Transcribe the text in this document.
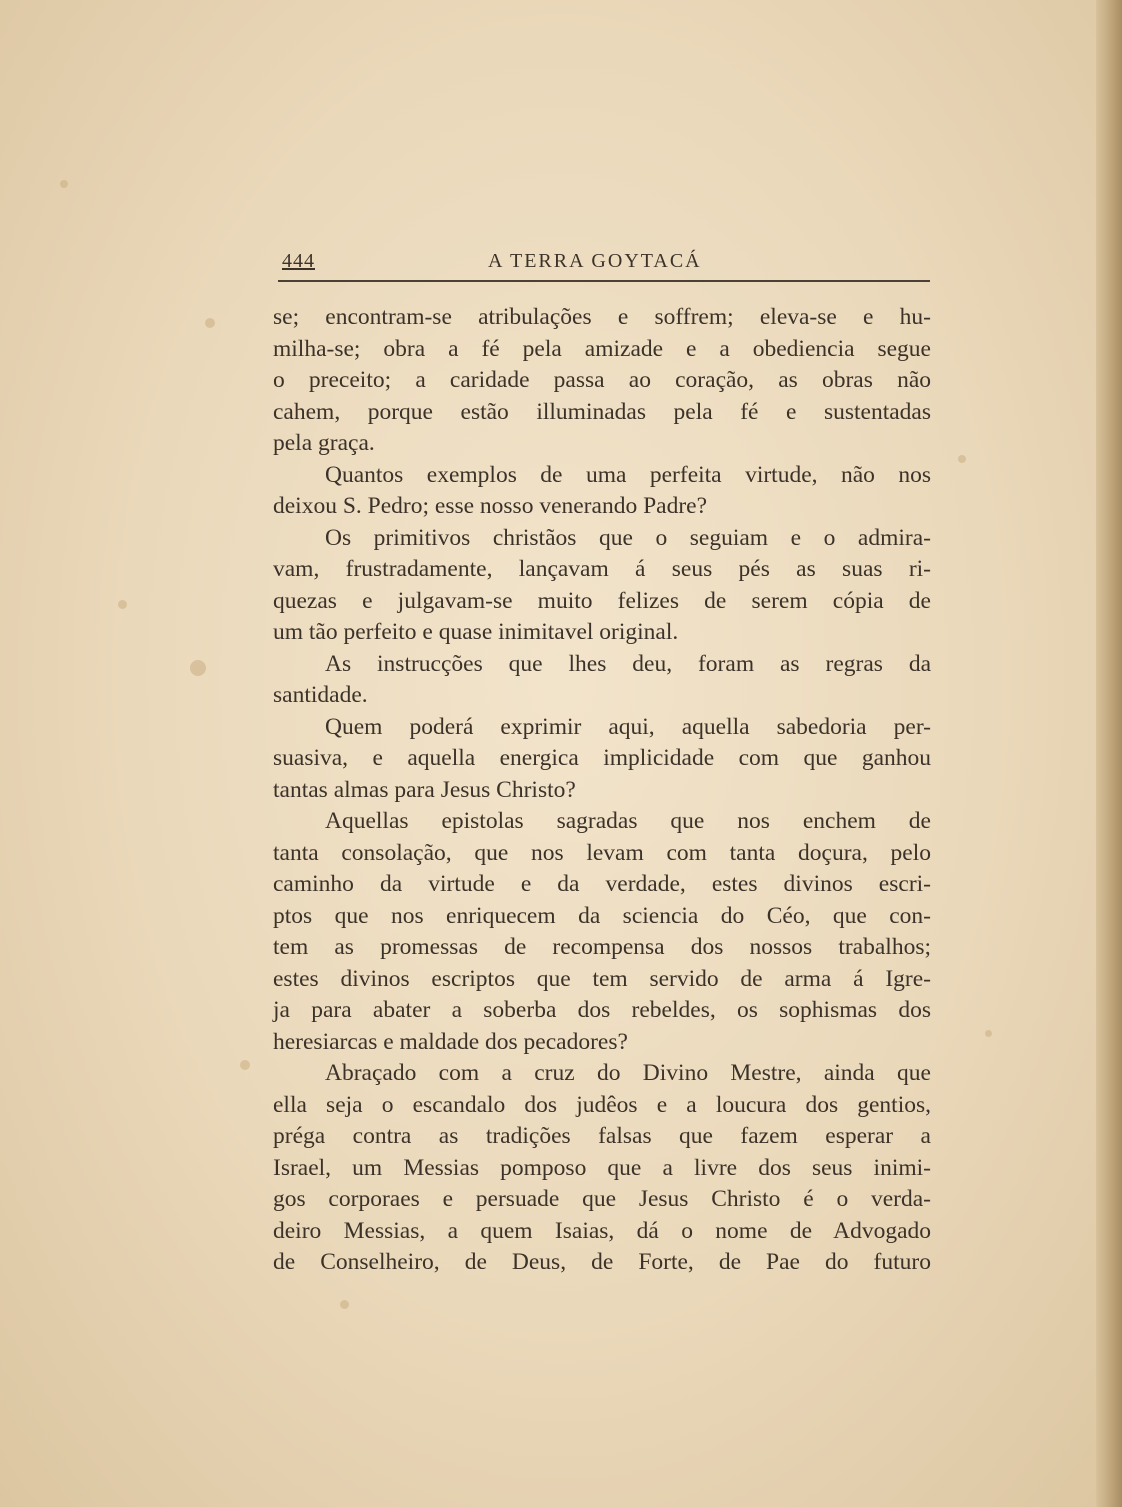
444	A TERRA GOYTACÁ
se; encontram-se atribulações e soffrem; eleva-se e hu-
milha-se; obra a fé pela amizade e a obediencia segue
o preceito; a caridade passa ao coração, as obras não
cahem, porque estão illuminadas pela fé e sustentadas
pela graça.
Quantos exemplos de uma perfeita virtude, não nos
deixou S. Pedro; esse nosso venerando Padre?
Os primitivos christãos que o seguiam e o admira-
vam, frustradamente, lançavam á seus pés as suas ri-
quezas e julgavam-se muito felizes de serem cópia de
um tão perfeito e quase inimitavel original.
As instrucções que lhes deu, foram as regras da
santidade.
Quem poderá exprimir aqui, aquella sabedoria per-
suasiva, e aquella energica implicidade com que ganhou
tantas almas para Jesus Christo?
Aquellas epistolas sagradas que nos enchem de
tanta consolação, que nos levam com tanta doçura, pelo
caminho da virtude e da verdade, estes divinos escri-
ptos que nos enriquecem da sciencia do Céo, que con-
tem as promessas de recompensa dos nossos trabalhos;
estes divinos escriptos que tem servido de arma á Igre-
ja para abater a soberba dos rebeldes, os sophismas dos
heresiarcas e maldade dos pecadores?
Abraçado com a cruz do Divino Mestre, ainda que
ella seja o escandalo dos judêos e a loucura dos gentios,
préga contra as tradições falsas que fazem esperar a
Israel, um Messias pomposo que a livre dos seus inimi-
gos corporaes e persuade que Jesus Christo é o verda-
deiro Messias, a quem Isaias, dá o nome de Advogado
de Conselheiro, de Deus, de Forte, de Pae do futuro
